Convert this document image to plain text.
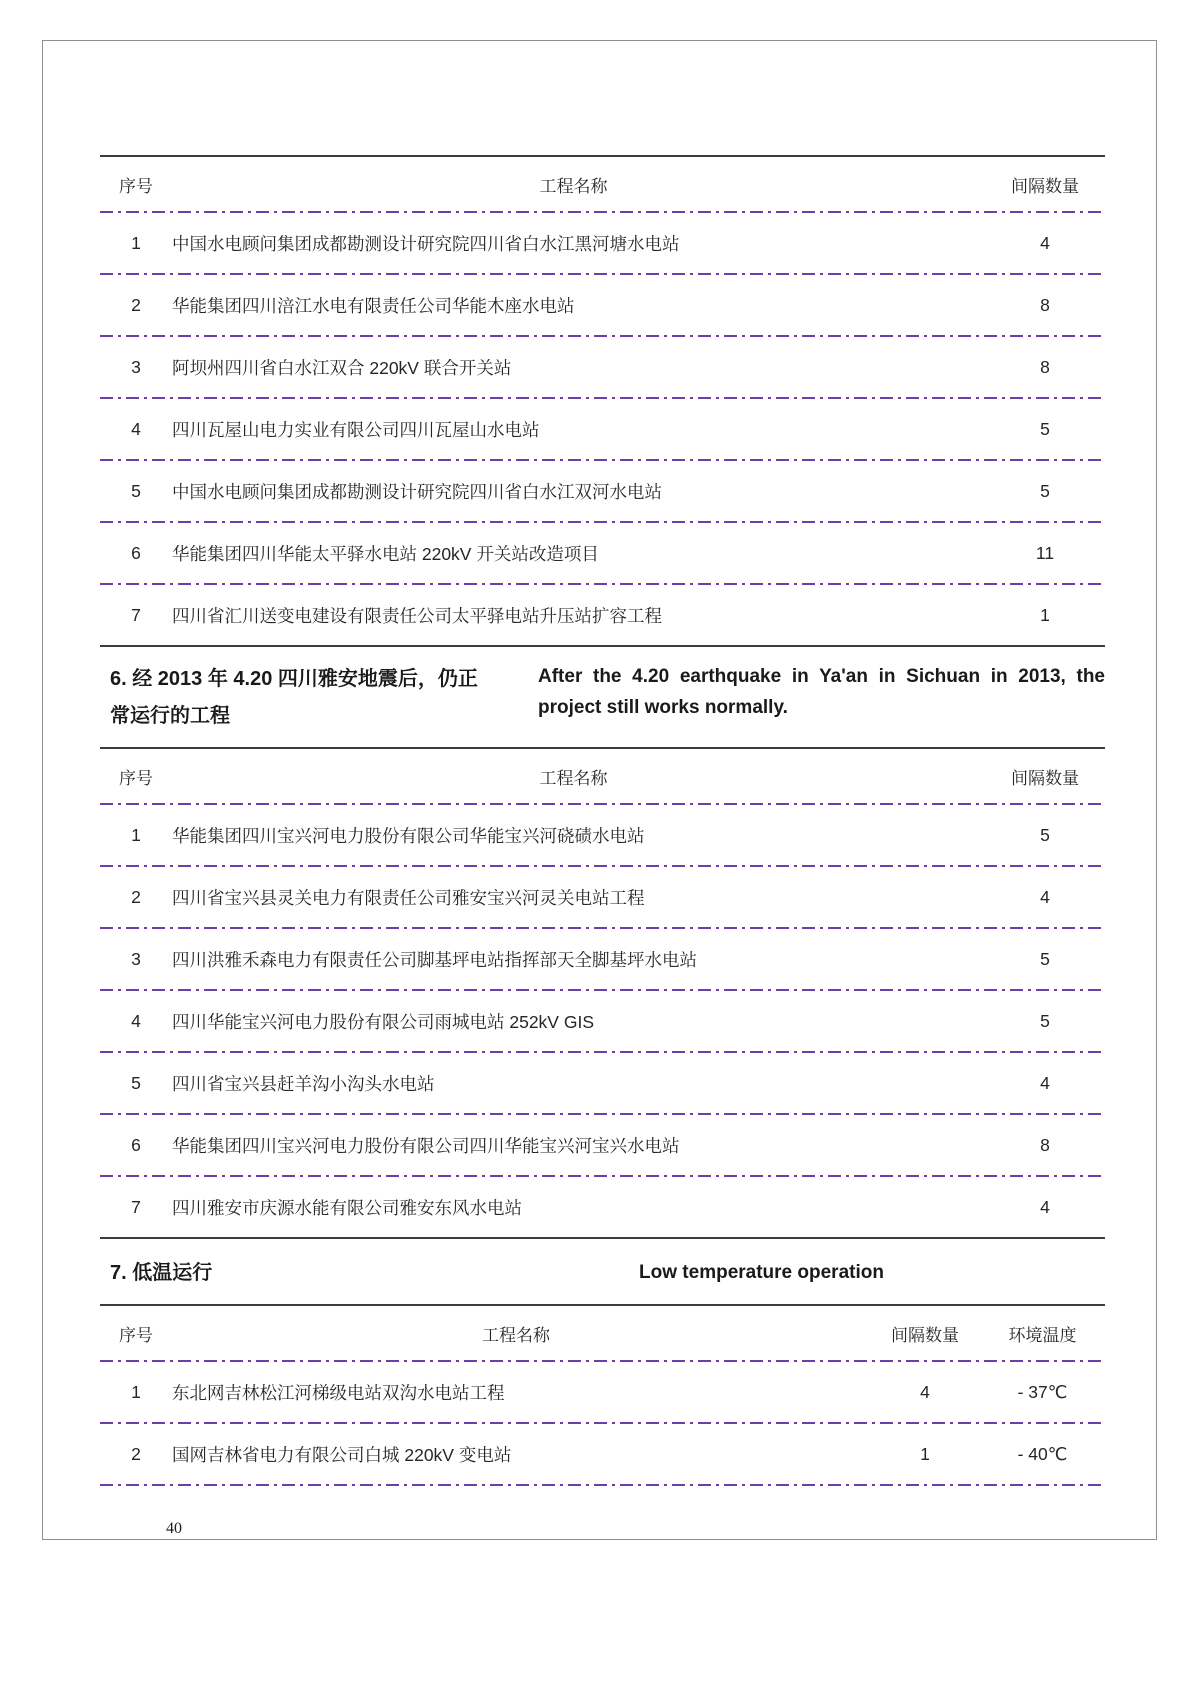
序号	工程名称	间隔数量
1	中国水电顾问集团成都勘测设计研究院四川省白水江黑河塘水电站	4
2	华能集团四川涪江水电有限责任公司华能木座水电站	8
3	阿坝州四川省白水江双合 220kV 联合开关站	8
4	四川瓦屋山电力实业有限公司四川瓦屋山水电站	5
5	中国水电顾问集团成都勘测设计研究院四川省白水江双河水电站	5
6	华能集团四川华能太平驿水电站 220kV 开关站改造项目	11
7	四川省汇川送变电建设有限责任公司太平驿电站升压站扩容工程	1
6. 经 2013 年 4.20 四川雅安地震后，仍正
常运行的工程
After the 4.20 earthquake in Ya'an in Sichuan in 2013, the project still works normally.
序号	工程名称	间隔数量
1	华能集团四川宝兴河电力股份有限公司华能宝兴河硗碛水电站	5
2	四川省宝兴县灵关电力有限责任公司雅安宝兴河灵关电站工程	4
3	四川洪雅禾森电力有限责任公司脚基坪电站指挥部天全脚基坪水电站	5
4	四川华能宝兴河电力股份有限公司雨城电站 252kV GIS	5
5	四川省宝兴县赶羊沟小沟头水电站	4
6	华能集团四川宝兴河电力股份有限公司四川华能宝兴河宝兴水电站	8
7	四川雅安市庆源水能有限公司雅安东风水电站	4
7. 低温运行	Low temperature operation
序号	工程名称	间隔数量	环境温度
1	东北网吉林松江河梯级电站双沟水电站工程	4	- 37℃
2	国网吉林省电力有限公司白城 220kV 变电站	1	- 40℃
40
